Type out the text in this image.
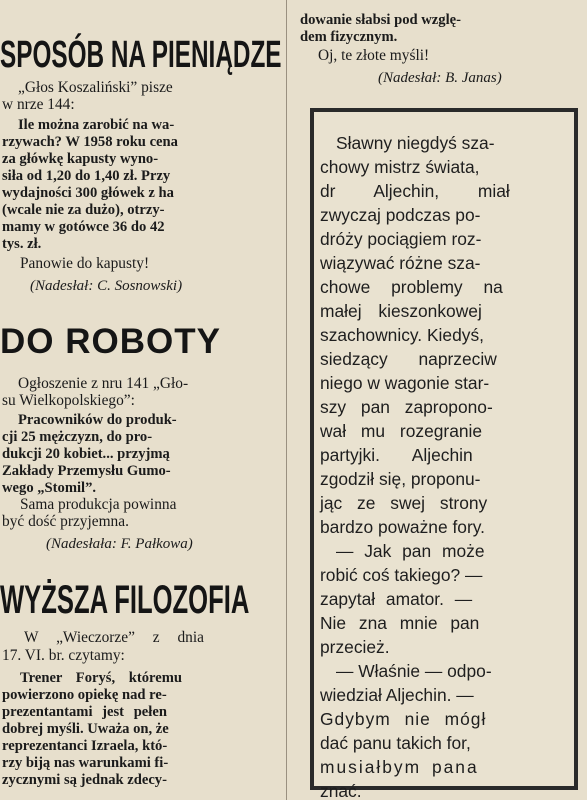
SPOSÓB NA PIENIĄDZE
„Głos Koszaliński” pisze
w nrze 144:
Ile można zarobić na wa-
rzywach? W 1958 roku cena
za główkę kapusty wyno-
siła od 1,20 do 1,40 zł. Przy
wydajności 300 główek z ha
(wcale nie za dużo), otrzy-
mamy w gotówce 36 do 42
tys. zł.
Panowie do kapusty!
(Nadesłał: C. Sosnowski)
DO ROBOTY
Ogłoszenie z nru 141 „Gło-
su Wielkopolskiego”:
Pracowników do produk-
cji 25 mężczyzn, do pro-
dukcji 20 kobiet... przyjmą
Zakłady Przemysłu Gumo-
wego „Stomil”.
Sama produkcja powinna
być dość przyjemna.
(Nadesłała: F. Pałkowa)
WYŻSZA FILOZOFIA
W „Wieczorze” z dnia
17. VI. br. czytamy:
Trener Foryś, któremu
powierzono opiekę nad re-
prezentantami jest pełen
dobrej myśli. Uważa on, że
reprezentanci Izraela, któ-
rzy biją nas warunkami fi-
zycznymi są jednak zdecy-
dowanie słabsi pod wzglę-
dem fizycznym.
Oj, te złote myśli!
(Nadesłał: B. Janas)
Sławny niegdyś sza-
chowy mistrz świata,
dr Aljechin, miał
zwyczaj podczas po-
dróży pociągiem roz-
wiązywać różne sza-
chowe problemy na
małej kieszonkowej
szachownicy. Kiedyś,
siedzący naprzeciw
niego w wagonie star-
szy pan zapropono-
wał mu rozegranie
partyjki. Aljechin
zgodził się, proponu-
jąc ze swej strony
bardzo poważne fory.
— Jak pan może
robić coś takiego? —
zapytał amator. —
Nie zna mnie pan
przecież.
— Właśnie — odpo-
wiedział Aljechin. —
Gdybym nie mógł
dać panu takich for,
musiałbym pana
znać.
